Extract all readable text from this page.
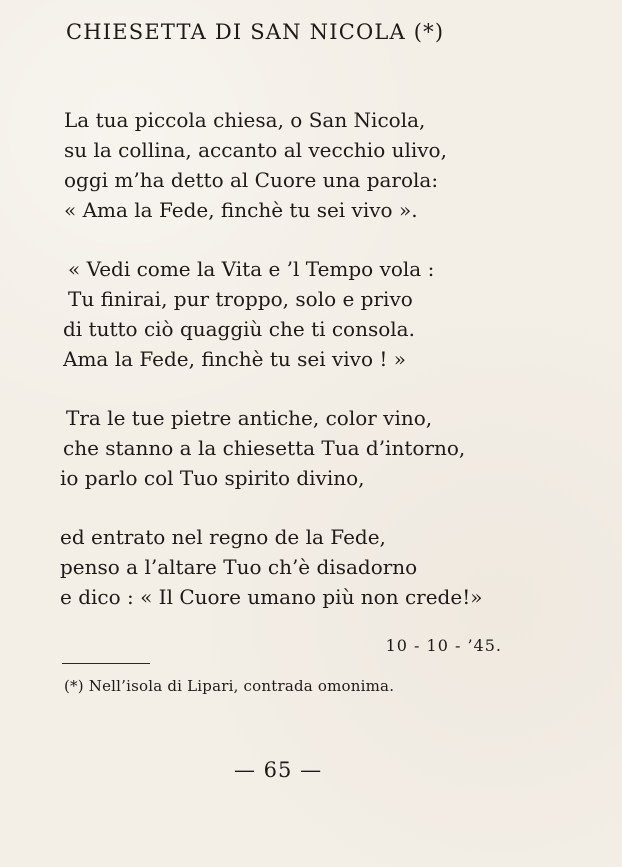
CHIESETTA DI SAN NICOLA (*)
La tua piccola chiesa, o San Nicola,
su la collina, accanto al vecchio ulivo,
oggi m’ha detto al Cuore una parola:
« Ama la Fede, finchè tu sei vivo ».
« Vedi come la Vita e ’l Tempo vola :
Tu finirai, pur troppo, solo e privo
di tutto ciò quaggiù che ti consola.
Ama la Fede, finchè tu sei vivo ! »
Tra le tue pietre antiche, color vino,
che stanno a la chiesetta Tua d’intorno,
io parlo col Tuo spirito divino,
ed entrato nel regno de la Fede,
penso a l’altare Tuo ch’è disadorno
e dico : « Il Cuore umano più non crede!»
10 - 10 - ’45.
(*) Nell’isola di Lipari, contrada omonima.
— 65 —
